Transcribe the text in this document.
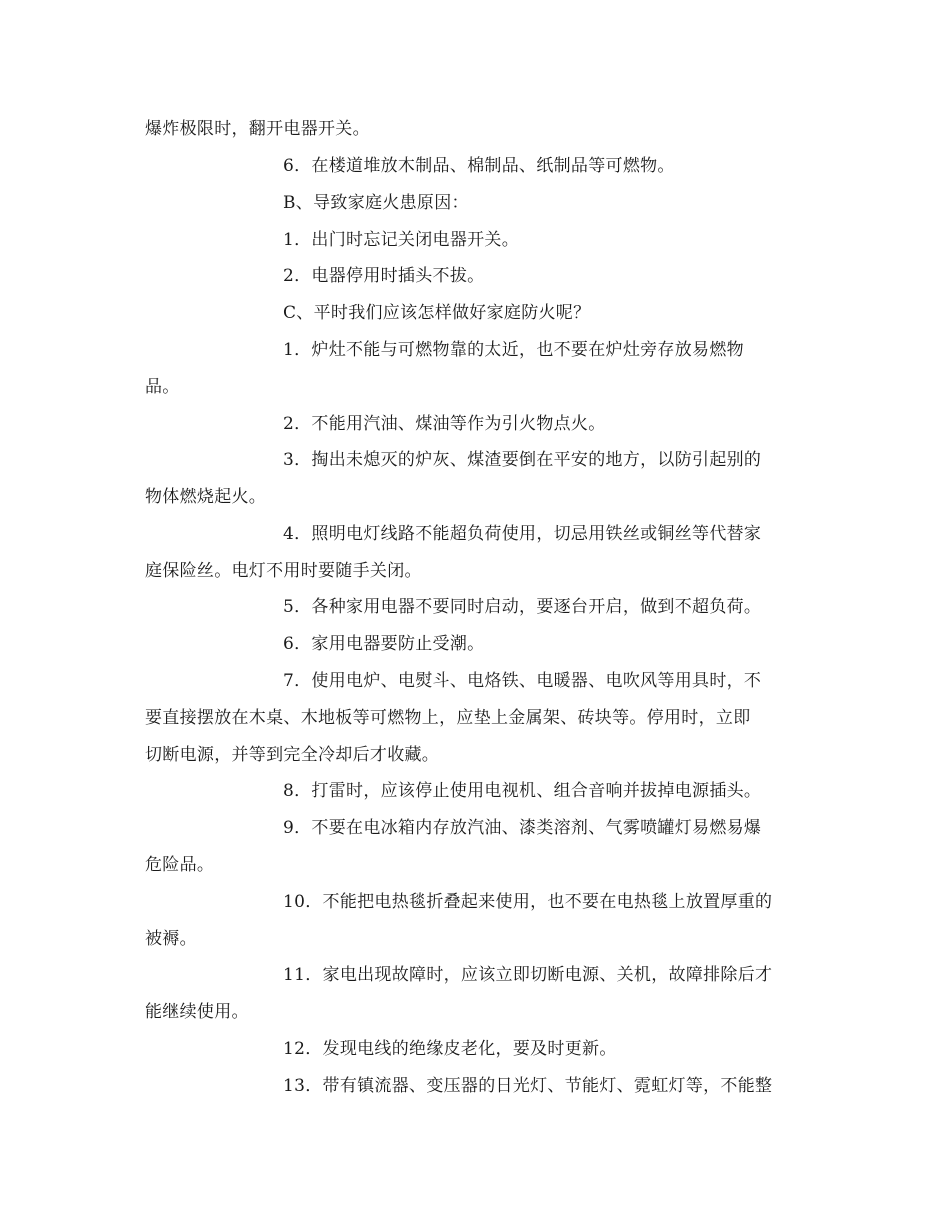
爆炸极限时，翻开电器开关。
6．在楼道堆放木制品、棉制品、纸制品等可燃物。
B、导致家庭火患原因：
1．出门时忘记关闭电器开关。
2．电器停用时插头不拔。
C、平时我们应该怎样做好家庭防火呢？
1．炉灶不能与可燃物靠的太近，也不要在炉灶旁存放易燃物
品。
2．不能用汽油、煤油等作为引火物点火。
3．掏出未熄灭的炉灰、煤渣要倒在平安的地方，以防引起别的
物体燃烧起火。
4．照明电灯线路不能超负荷使用，切忌用铁丝或铜丝等代替家
庭保险丝。电灯不用时要随手关闭。
5．各种家用电器不要同时启动，要逐台开启，做到不超负荷。
6．家用电器要防止受潮。
7．使用电炉、电熨斗、电烙铁、电暖器、电吹风等用具时，不
要直接摆放在木桌、木地板等可燃物上，应垫上金属架、砖块等。停用时，立即
切断电源，并等到完全冷却后才收藏。
8．打雷时，应该停止使用电视机、组合音响并拔掉电源插头。
9．不要在电冰箱内存放汽油、漆类溶剂、气雾喷罐灯易燃易爆
危险品。
10．不能把电热毯折叠起来使用，也不要在电热毯上放置厚重的
被褥。
11．家电出现故障时，应该立即切断电源、关机，故障排除后才
能继续使用。
12．发现电线的绝缘皮老化，要及时更新。
13．带有镇流器、变压器的日光灯、节能灯、霓虹灯等，不能整
